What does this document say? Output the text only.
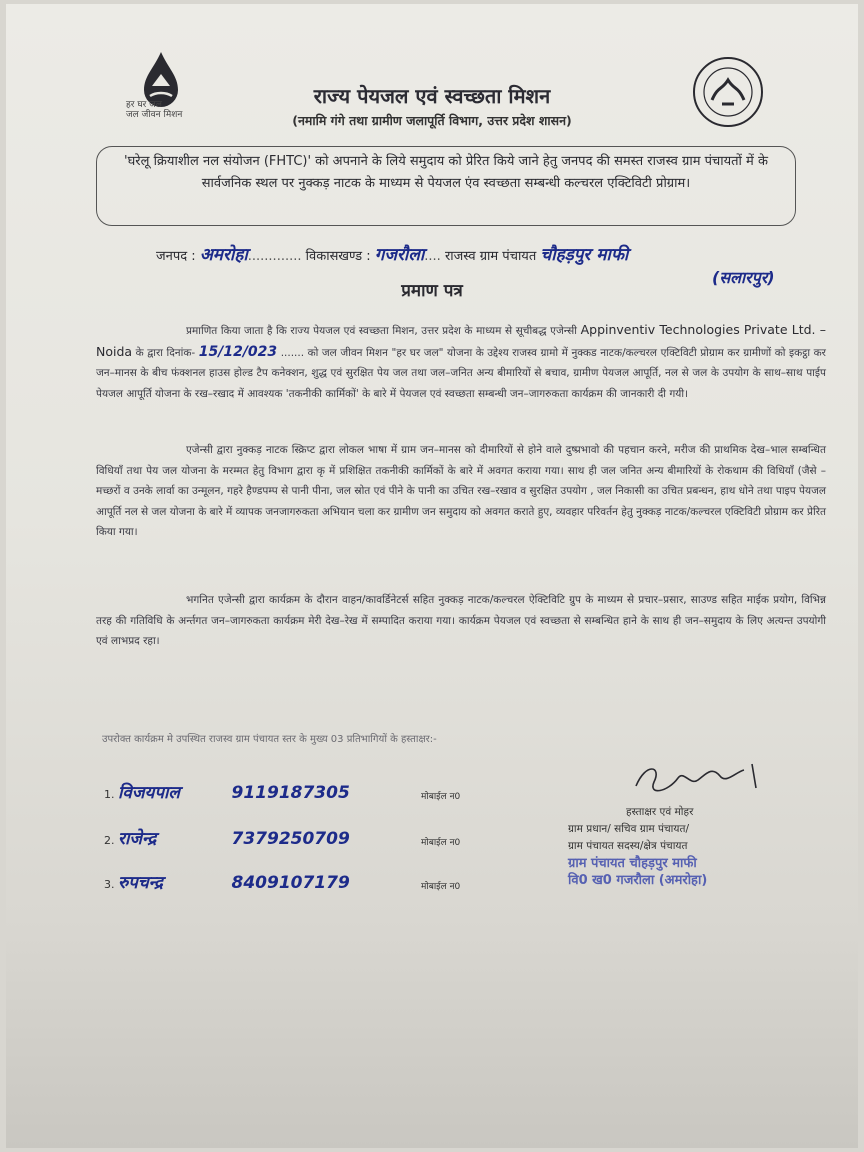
हर घर जल
जल जीवन मिशन
राज्य पेयजल एवं स्वच्छता मिशन
(नमामि गंगे तथा ग्रामीण जलापूर्ति विभाग, उत्तर प्रदेश शासन)
'घरेलू क्रियाशील नल संयोजन (FHTC)' को अपनाने के लिये समुदाय को प्रेरित किये जाने हेतु जनपद की समस्त राजस्व ग्राम पंचायतों में के सार्वजनिक स्थल पर नुक्कड़ नाटक के माध्यम से पेयजल एंव स्वच्छता सम्बन्धी कल्चरल एक्टिविटी प्रोग्राम।
जनपद : अमरोहा............. विकासखण्ड : गजरौला.... राजस्व ग्राम पंचायत चौहड़पुर माफी
(सलारपुर)
प्रमाण पत्र

प्रमाणित किया जाता है कि राज्य पेयजल एवं स्वच्छता मिशन, उत्तर प्रदेश के माध्यम से सूचीबद्ध एजेन्सी Appinventiv Technologies Private Ltd. – Noida के द्वारा दिनांक- 15/12/023 ....... को जल जीवन मिशन "हर घर जल" योजना के उद्देश्य राजस्व ग्रामो में नुक्कड नाटक/कल्चरल एक्टिविटी प्रोग्राम कर ग्रामीणों को इकट्ठा कर जन–मानस के बीच फंक्शनल हाउस होल्ड टैप कनेक्शन, शुद्ध एवं सुरक्षित पेय जल तथा जल–जनित अन्य बीमारियों से बचाव, ग्रामीण पेयजल आपूर्ति, नल से जल के उपयोग के साथ–साथ पाईप पेयजल आपूर्ति योजना के रख–रखाद में आवश्यक 'तकनीकी कार्मिकों' के बारे में पेयजल एवं स्वच्छता सम्बन्धी जन–जागरुकता कार्यक्रम की जानकारी दी गयी।

एजेन्सी द्वारा नुक्कड़ नाटक स्क्रिप्ट द्वारा लोकल भाषा में ग्राम जन–मानस को दीमारियों से होने वाले दुष्प्रभावो की पहचान करने, मरीज की प्राथमिक देख–भाल सम्बन्धित विधियाँ तथा पेय जल योजना के मरम्मत हेतु विभाग द्वारा कृ में प्रशिक्षित तकनीकी कार्मिकों के बारे में अवगत कराया गया। साथ ही जल जनित अन्य बीमारियों के रोकथाम की विधियाँ (जैसे –मच्छरों व उनके लार्वा का उन्मूलन, गहरे हैण्डपम्प से पानी पीना, जल स्रोत एवं पीने के पानी का उचित रख–रखाव व सुरक्षित उपयोग , जल निकासी का उचित प्रबन्धन, हाथ धोने तथा पाइप पेयजल आपूर्ति नल से जल योजना के बारे में व्यापक जनजागरुकता अभियान चला कर ग्रामीण जन समुदाय को अवगत कराते हुए, व्यवहार परिवर्तन हेतु नुक्कड़ नाटक/कल्चरल एक्टिविटी प्रोग्राम कर प्रेरित किया गया।

भगनित एजेन्सी द्वारा कार्यक्रम के दौरान वाहन/कावर्डिनेटर्स सहित नुक्कड़ नाटक/कल्चरल ऐक्टिविटि ग्रुप के माध्यम से प्रचार–प्रसार, साउण्ड सहित माईक प्रयोग, विभिन्न तरह की गतिविधि के अर्न्तगत जन–जागरुकता कार्यक्रम मेरी देख–रेख में सम्पादित कराया गया। कार्यक्रम पेयजल एवं स्वच्छता से सम्बन्धित हाने के साथ ही जन–समुदाय के लिए अत्यन्त उपयोगी एवं लाभप्रद रहा।

उपरोक्त कार्यक्रम मे उपस्थित राजस्व ग्राम पंचायत स्तर के मुख्य 03 प्रतिभागियों के हस्ताक्षर:-
1. विजयपाल	9119187305	मोबाईल न0
2. राजेन्द्र	7379250709	मोबाईल न0
3. रुपचन्द्र	8409107179	मोबाईल न0
हस्ताक्षर एवं मोहर
ग्राम प्रधान/ सचिव ग्राम पंचायत/
ग्राम पंचायत सदस्य/क्षेत्र पंचायत
ग्राम पंचायत चौहड़पुर माफी
वि0 ख0 गजरौला (अमरोहा)
